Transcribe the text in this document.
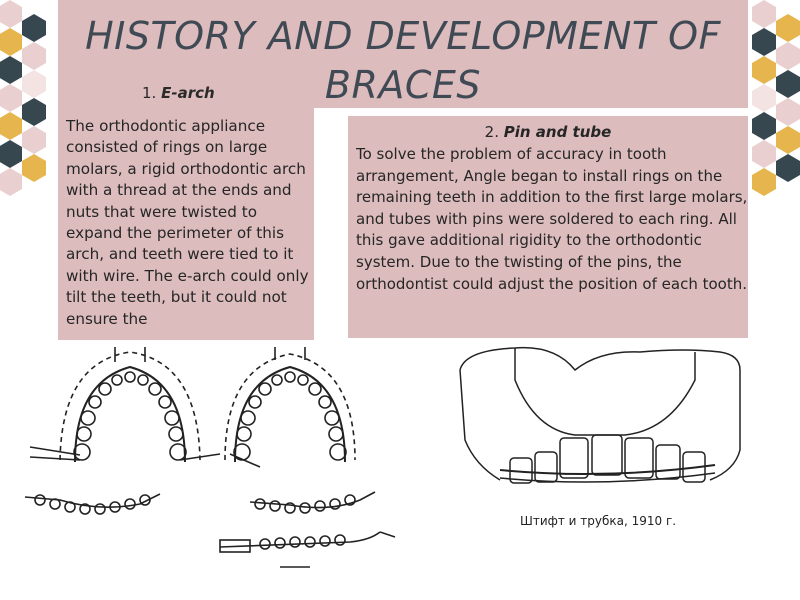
HISTORY AND DEVELOPMENT OF BRACES
1. E-arch
The orthodontic appliance consisted of rings on large molars, a rigid orthodontic arch with a thread at the ends and nuts that were twisted to expand the perimeter of this arch, and teeth were tied to it with wire. The e-arch could only tilt the teeth, but it could not ensure the
2. Pin and tube
To solve the problem of accuracy in tooth arrangement, Angle began to install rings on the remaining teeth in addition to the first large molars, and tubes with pins were soldered to each ring. All this gave additional rigidity to the orthodontic system. Due to the twisting of the pins, the orthodontist could adjust the position of each tooth.
Штифт и трубка, 1910 г.
